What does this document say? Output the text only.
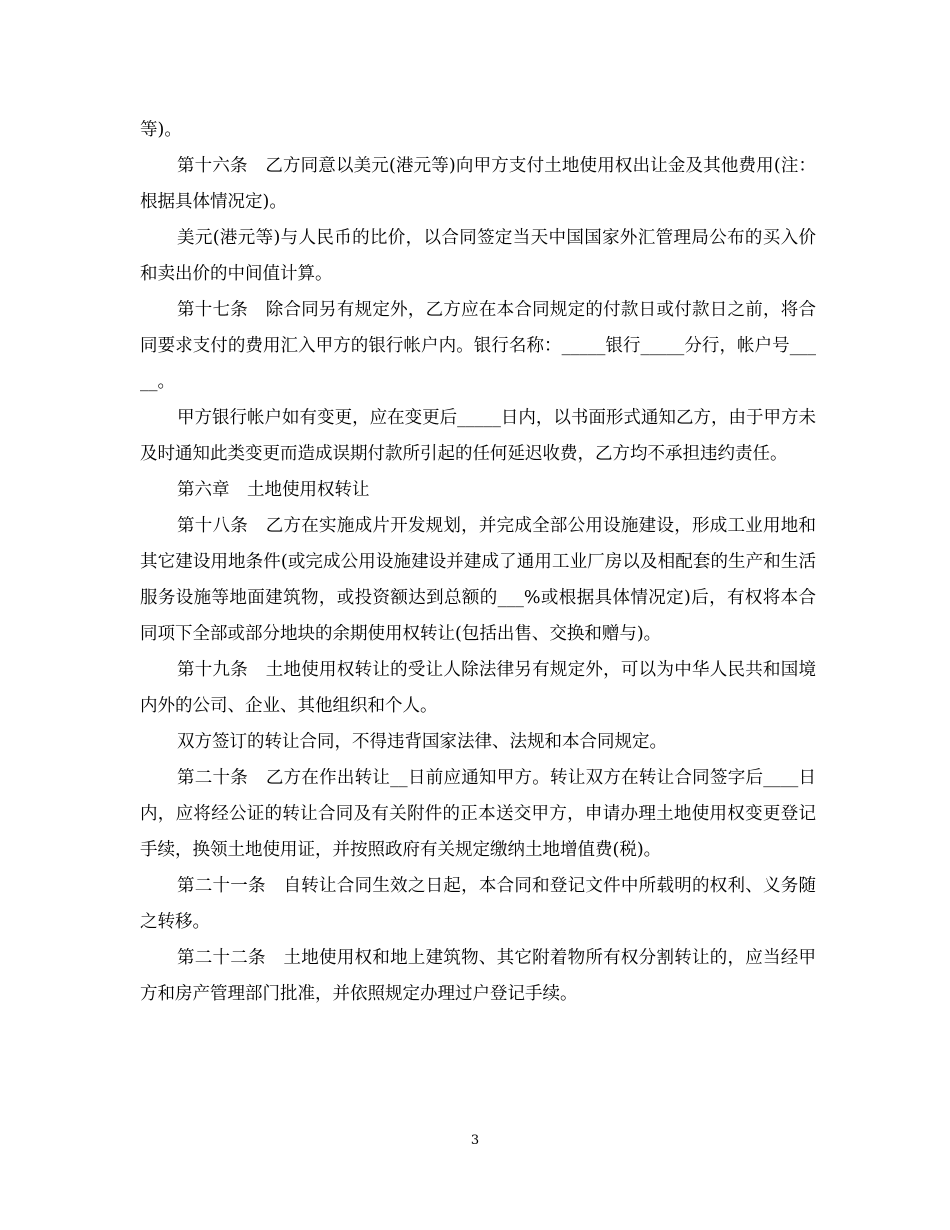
等)。

第十六条　乙方同意以美元(港元等)向甲方支付土地使用权出让金及其他费用(注：根据具体情况定)。

美元(港元等)与人民币的比价，以合同签定当天中国国家外汇管理局公布的买入价和卖出价的中间值计算。

第十七条　除合同另有规定外，乙方应在本合同规定的付款日或付款日之前，将合同要求支付的费用汇入甲方的银行帐户内。银行名称：_____银行_____分行，帐户号_____。

甲方银行帐户如有变更，应在变更后_____日内，以书面形式通知乙方，由于甲方未及时通知此类变更而造成误期付款所引起的任何延迟收费，乙方均不承担违约责任。

第六章　土地使用权转让

第十八条　乙方在实施成片开发规划，并完成全部公用设施建设，形成工业用地和其它建设用地条件(或完成公用设施建设并建成了通用工业厂房以及相配套的生产和生活服务设施等地面建筑物，或投资额达到总额的___%或根据具体情况定)后，有权将本合同项下全部或部分地块的余期使用权转让(包括出售、交换和赠与)。

第十九条　土地使用权转让的受让人除法律另有规定外，可以为中华人民共和国境内外的公司、企业、其他组织和个人。

双方签订的转让合同，不得违背国家法律、法规和本合同规定。

第二十条　乙方在作出转让__日前应通知甲方。转让双方在转让合同签字后____日内，应将经公证的转让合同及有关附件的正本送交甲方，申请办理土地使用权变更登记手续，换领土地使用证，并按照政府有关规定缴纳土地增值费(税)。

第二十一条　自转让合同生效之日起，本合同和登记文件中所载明的权利、义务随之转移。

第二十二条　土地使用权和地上建筑物、其它附着物所有权分割转让的，应当经甲方和房产管理部门批准，并依照规定办理过户登记手续。

3
